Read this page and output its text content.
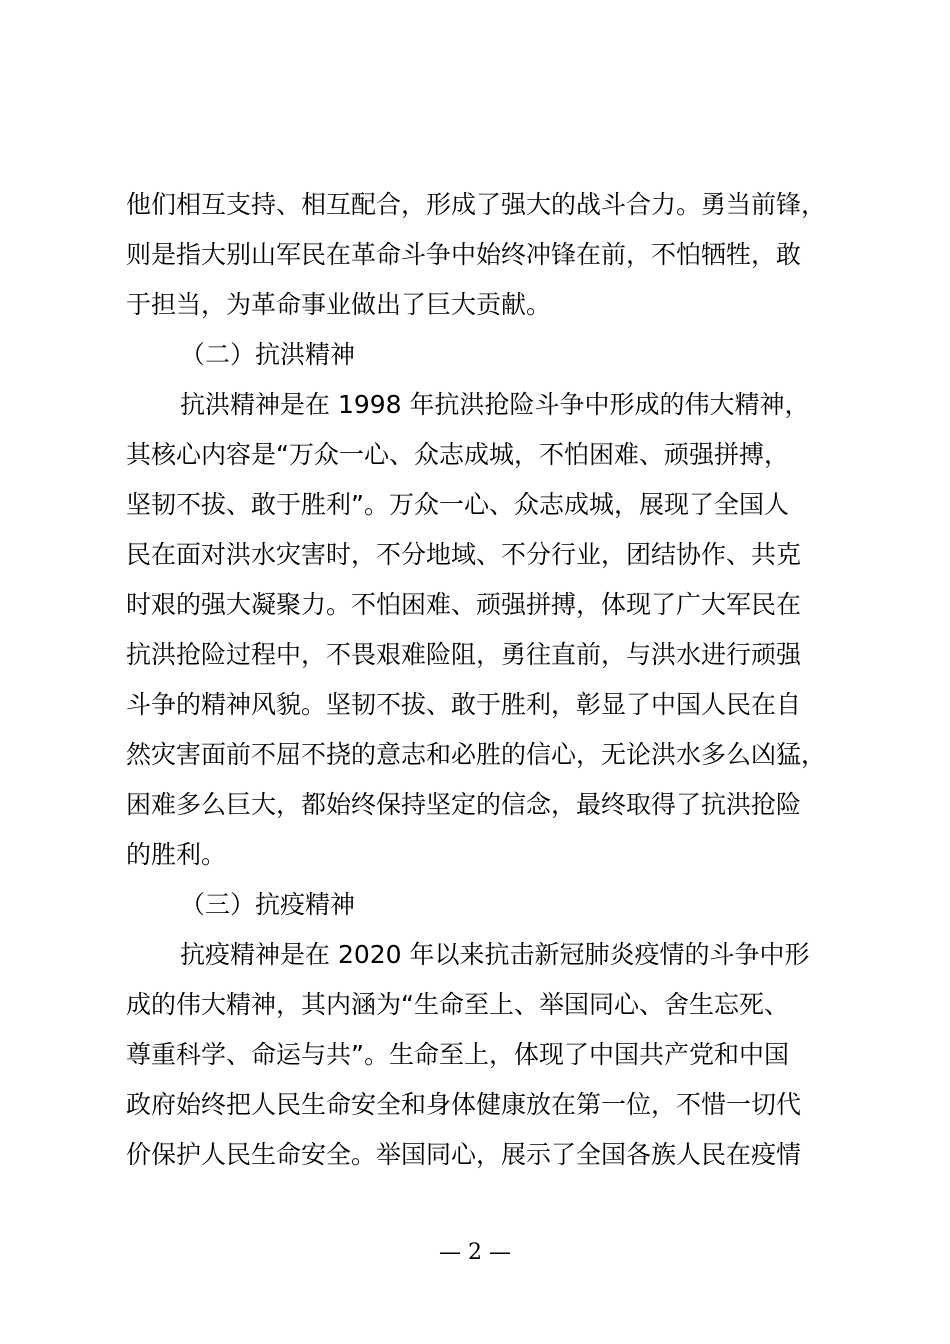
他们相互支持、相互配合，形成了强大的战斗合力。勇当前锋，
则是指大别山军民在革命斗争中始终冲锋在前，不怕牺牲，敢
于担当，为革命事业做出了巨大贡献。
（二）抗洪精神
抗洪精神是在 1998 年抗洪抢险斗争中形成的伟大精神，
其核心内容是“万众一心、众志成城，不怕困难、顽强拼搏，
坚韧不拔、敢于胜利”。万众一心、众志成城，展现了全国人
民在面对洪水灾害时，不分地域、不分行业，团结协作、共克
时艰的强大凝聚力。不怕困难、顽强拼搏，体现了广大军民在
抗洪抢险过程中，不畏艰难险阻，勇往直前，与洪水进行顽强
斗争的精神风貌。坚韧不拔、敢于胜利，彰显了中国人民在自
然灾害面前不屈不挠的意志和必胜的信心，无论洪水多么凶猛，
困难多么巨大，都始终保持坚定的信念，最终取得了抗洪抢险
的胜利。
（三）抗疫精神
抗疫精神是在 2020 年以来抗击新冠肺炎疫情的斗争中形
成的伟大精神，其内涵为“生命至上、举国同心、舍生忘死、
尊重科学、命运与共”。生命至上，体现了中国共产党和中国
政府始终把人民生命安全和身体健康放在第一位，不惜一切代
价保护人民生命安全。举国同心，展示了全国各族人民在疫情
— 2 —
